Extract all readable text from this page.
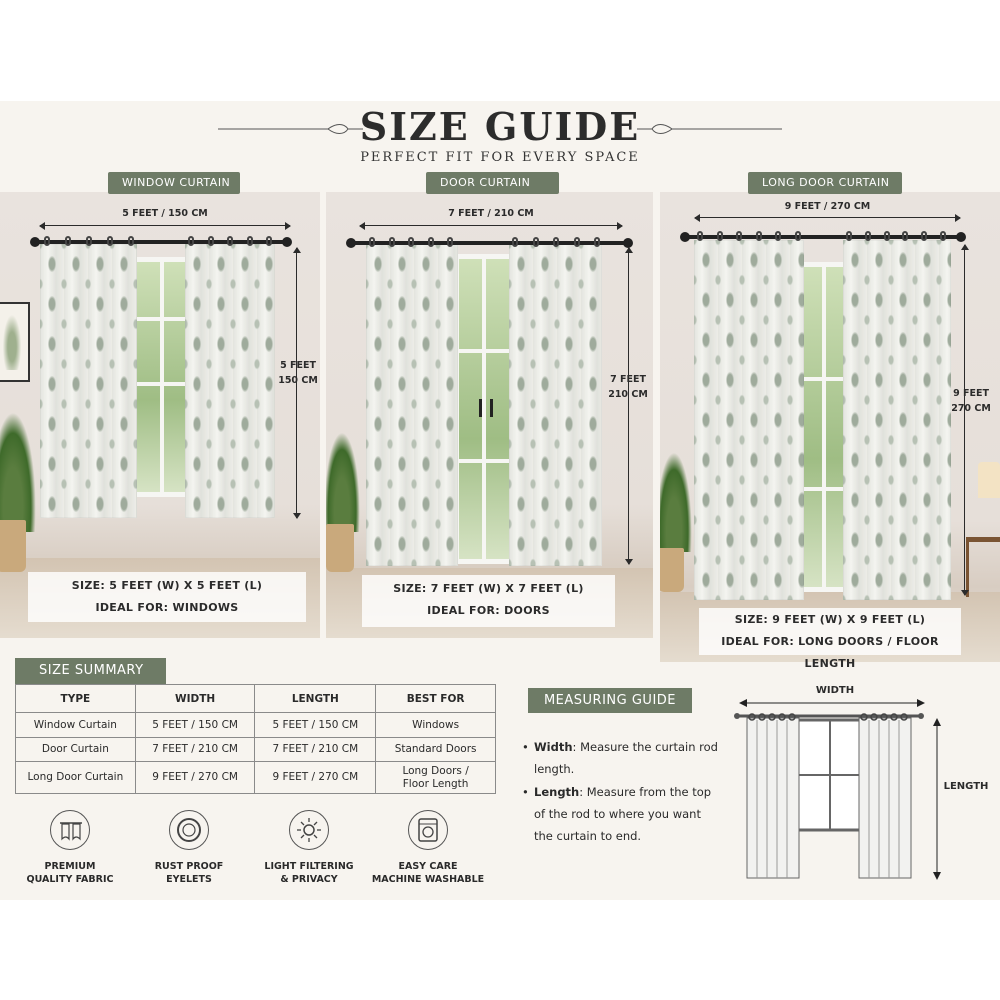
SIZE GUIDE
PERFECT FIT FOR EVERY SPACE
5 FEET / 150 CM
5 FEET
150 CM
WINDOW CURTAIN
SIZE: 5 FEET (W) X 5 FEET (L)
IDEAL FOR: WINDOWS
7 FEET / 210 CM
7 FEET
210 CM
DOOR CURTAIN
SIZE: 7 FEET (W) X 7 FEET (L)
IDEAL FOR: DOORS
9 FEET / 270 CM
9 FEET
270 CM
LONG DOOR CURTAIN
SIZE: 9 FEET (W) X 9 FEET (L)
IDEAL FOR: LONG DOORS / FLOOR LENGTH
SIZE SUMMARY
TYPE	WIDTH	LENGTH	BEST FOR
Window Curtain	5 FEET / 150 CM	5 FEET / 150 CM	Windows
Door Curtain	7 FEET / 210 CM	7 FEET / 210 CM	Standard Doors
Long Door Curtain	9 FEET / 270 CM	9 FEET / 270 CM	Long Doors /
Floor Length
MEASURING GUIDE
• Width: Measure the curtain rod length.
• Length: Measure from the top of the rod to where you want the curtain to end.
WIDTH
LENGTH
PREMIUM
QUALITY FABRIC
RUST PROOF
EYELETS
LIGHT FILTERING
& PRIVACY
EASY CARE
MACHINE WASHABLE
